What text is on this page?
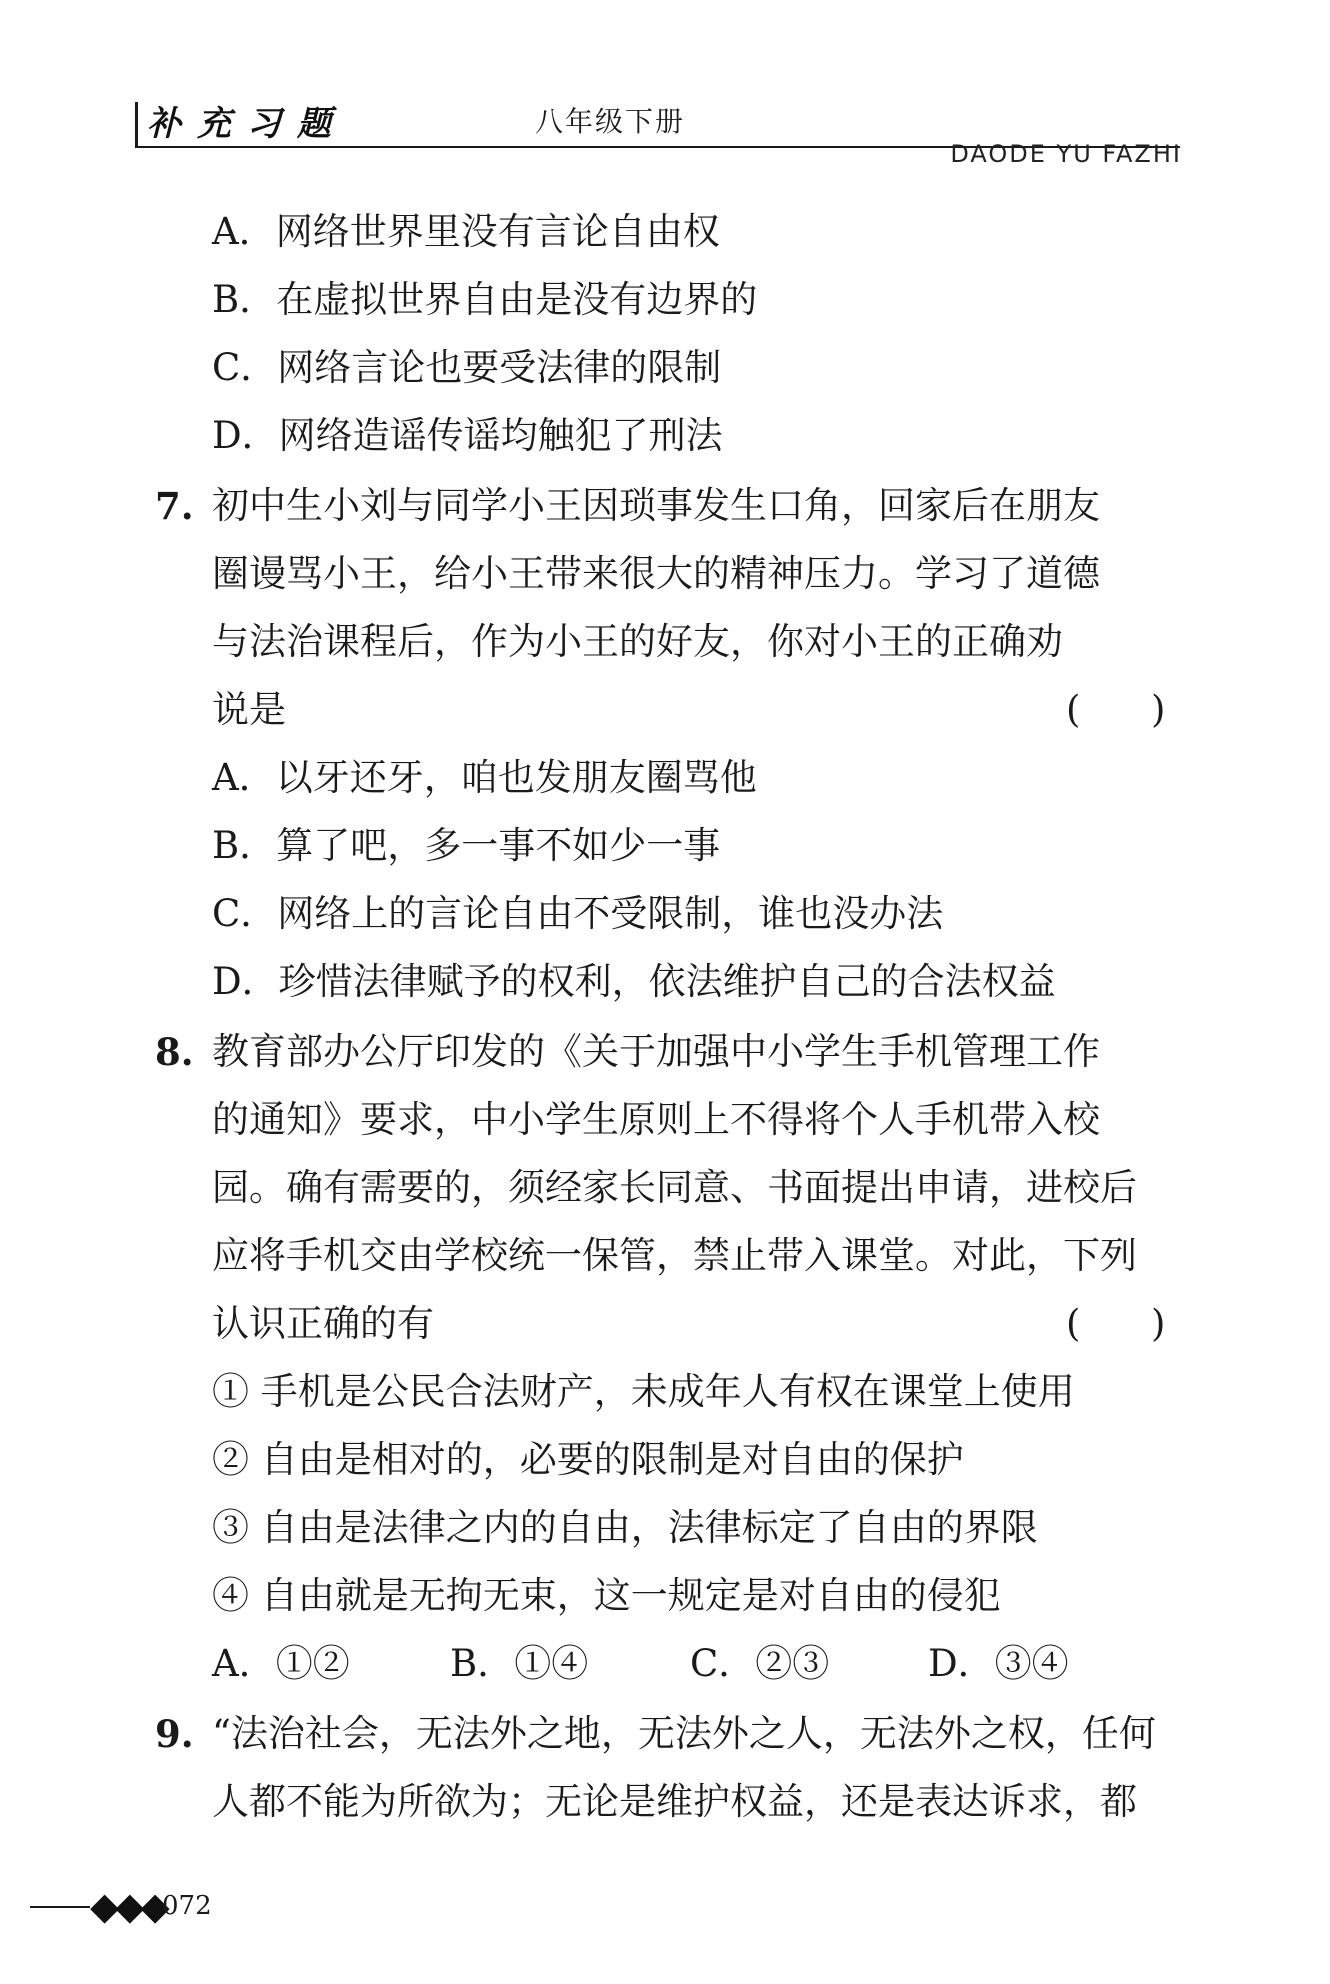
补充习题	八年级下册
DAODE YU FAZHI
A．网络世界里没有言论自由权
B．在虚拟世界自由是没有边界的
C．网络言论也要受法律的限制
D．网络造谣传谣均触犯了刑法
7. 初中生小刘与同学小王因琐事发生口角，回家后在朋友
圈谩骂小王，给小王带来很大的精神压力。学习了道德
与法治课程后，作为小王的好友，你对小王的正确劝
说是	(      )
A．以牙还牙，咱也发朋友圈骂他
B．算了吧，多一事不如少一事
C．网络上的言论自由不受限制，谁也没办法
D．珍惜法律赋予的权利，依法维护自己的合法权益
8. 教育部办公厅印发的《关于加强中小学生手机管理工作
的通知》要求，中小学生原则上不得将个人手机带入校
园。确有需要的，须经家长同意、书面提出申请，进校后
应将手机交由学校统一保管，禁止带入课堂。对此，下列
认识正确的有	(      )
① 手机是公民合法财产，未成年人有权在课堂上使用
② 自由是相对的，必要的限制是对自由的保护
③ 自由是法律之内的自由，法律标定了自由的界限
④ 自由就是无拘无束，这一规定是对自由的侵犯
A．①②	B．①④	C．②③	D．③④
9. “法治社会，无法外之地，无法外之人，无法外之权，任何
人都不能为所欲为；无论是维护权益，还是表达诉求，都
◆◆◆
072
